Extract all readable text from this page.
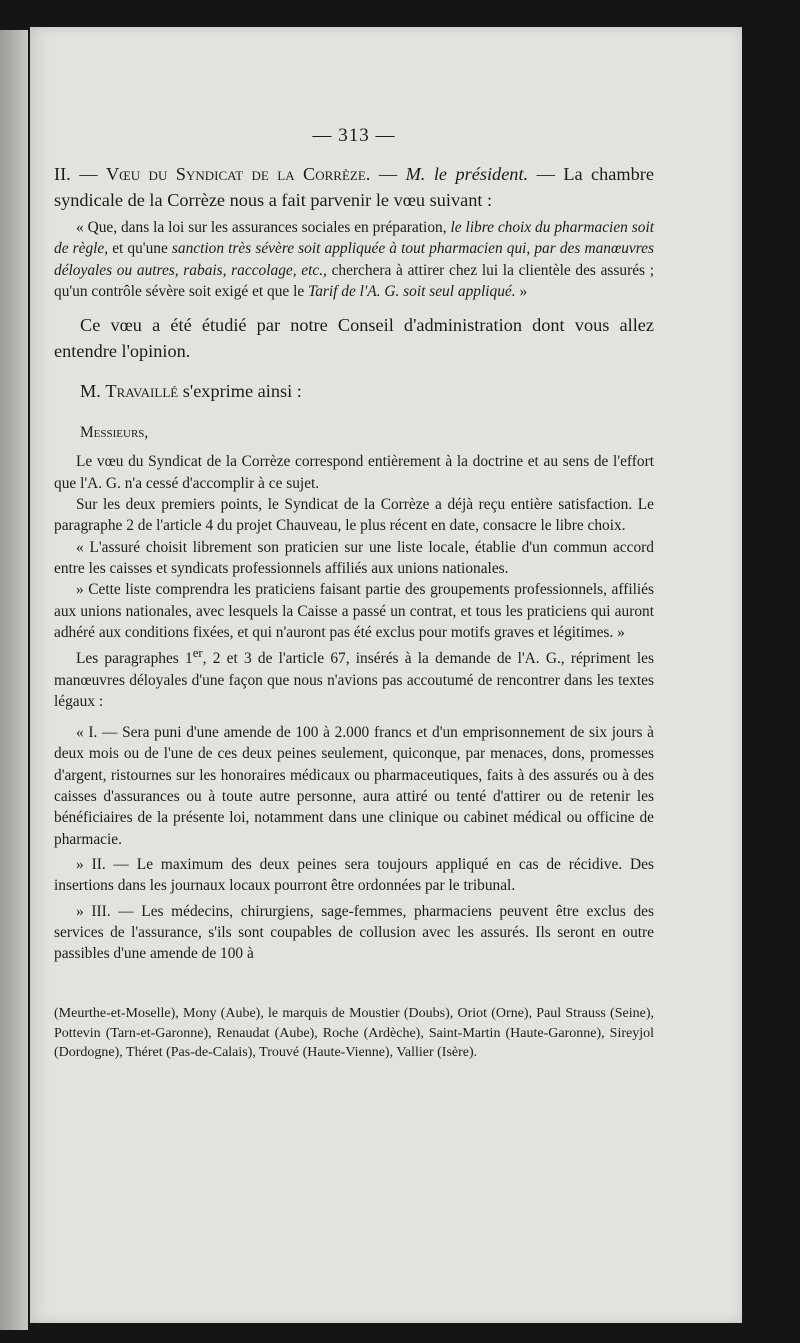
— 313 —

II. — Vœu du Syndicat de la Corrèze. — M. le président. — La chambre syndicale de la Corrèze nous a fait parvenir le vœu suivant :

« Que, dans la loi sur les assurances sociales en préparation, le libre choix du pharmacien soit de règle, et qu'une sanction très sévère soit appliquée à tout pharmacien qui, par des manœuvres déloyales ou autres, rabais, raccolage, etc., cherchera à attirer chez lui la clientèle des assurés ; qu'un contrôle sévère soit exigé et que le Tarif de l'A. G. soit seul appliqué. »

Ce vœu a été étudié par notre Conseil d'administration dont vous allez entendre l'opinion.

M. Travaillé s'exprime ainsi :

Messieurs,

Le vœu du Syndicat de la Corrèze correspond entièrement à la doctrine et au sens de l'effort que l'A. G. n'a cessé d'accomplir à ce sujet.

Sur les deux premiers points, le Syndicat de la Corrèze a déjà reçu entière satisfaction. Le paragraphe 2 de l'article 4 du projet Chauveau, le plus récent en date, consacre le libre choix.

« L'assuré choisit librement son praticien sur une liste locale, établie d'un commun accord entre les caisses et syndicats professionnels affiliés aux unions nationales.

» Cette liste comprendra les praticiens faisant partie des groupements professionnels, affiliés aux unions nationales, avec lesquels la Caisse a passé un contrat, et tous les praticiens qui auront adhéré aux conditions fixées, et qui n'auront pas été exclus pour motifs graves et légitimes. »

Les paragraphes 1er, 2 et 3 de l'article 67, insérés à la demande de l'A. G., répriment les manœuvres déloyales d'une façon que nous n'avions pas accoutumé de rencontrer dans les textes légaux :

« I. — Sera puni d'une amende de 100 à 2.000 francs et d'un emprisonnement de six jours à deux mois ou de l'une de ces deux peines seulement, quiconque, par menaces, dons, promesses d'argent, ristournes sur les honoraires médicaux ou pharmaceutiques, faits à des assurés ou à des caisses d'assurances ou à toute autre personne, aura attiré ou tenté d'attirer ou de retenir les bénéficiaires de la présente loi, notamment dans une clinique ou cabinet médical ou officine de pharmacie.

» II. — Le maximum des deux peines sera toujours appliqué en cas de récidive. Des insertions dans les journaux locaux pourront être ordonnées par le tribunal.

» III. — Les médecins, chirurgiens, sage-femmes, pharmaciens peuvent être exclus des services de l'assurance, s'ils sont coupables de collusion avec les assurés. Ils seront en outre passibles d'une amende de 100 à

(Meurthe-et-Moselle), Mony (Aube), le marquis de Moustier (Doubs), Oriot (Orne), Paul Strauss (Seine), Pottevin (Tarn-et-Garonne), Renaudat (Aube), Roche (Ardèche), Saint-Martin (Haute-Garonne), Sireyjol (Dordogne), Théret (Pas-de-Calais), Trouvé (Haute-Vienne), Vallier (Isère).
